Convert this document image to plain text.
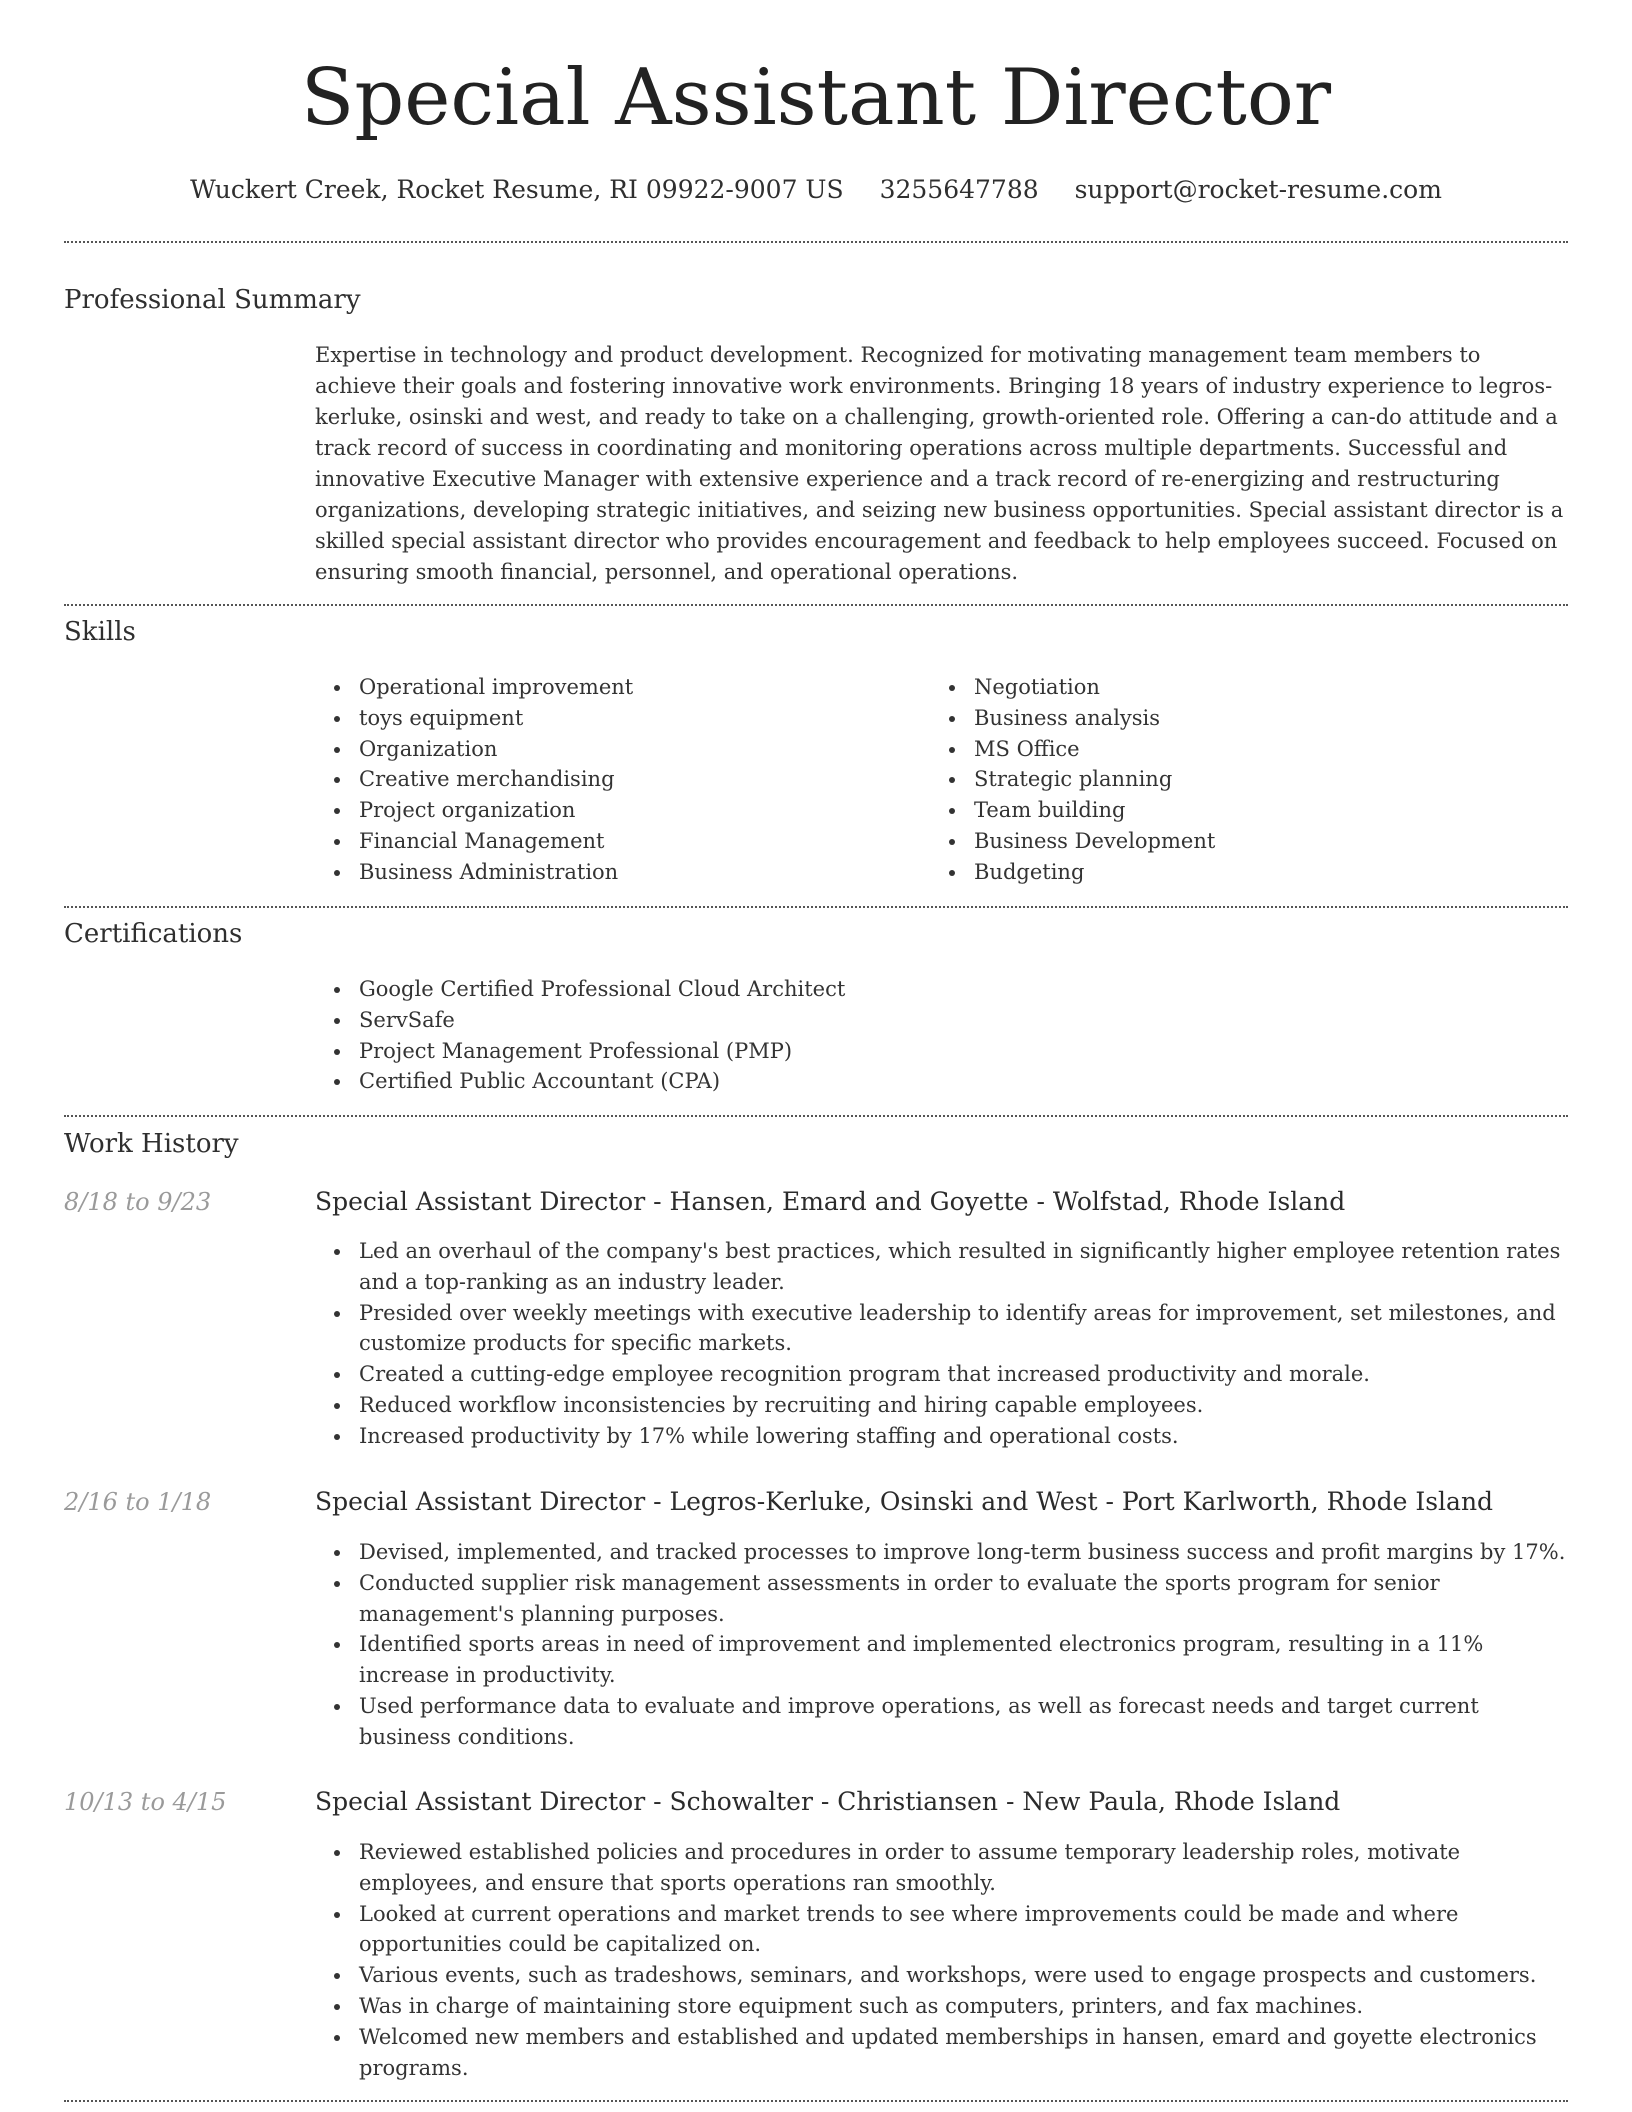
Special Assistant Director
Wuckert Creek, Rocket Resume, RI 09922-9007 US 3255647788 support@rocket-resume.com
Professional Summary
Expertise in technology and product development. Recognized for motivating management team members to achieve their goals and fostering innovative work environments. Bringing 18 years of industry experience to legros-kerluke, osinski and west, and ready to take on a challenging, growth-oriented role. Offering a can-do attitude and a track record of success in coordinating and monitoring operations across multiple departments. Successful and innovative Executive Manager with extensive experience and a track record of re-energizing and restructuring organizations, developing strategic initiatives, and seizing new business opportunities. Special assistant director is a skilled special assistant director who provides encouragement and feedback to help employees succeed. Focused on ensuring smooth financial, personnel, and operational operations.
Skills
Operational improvement
toys equipment
Organization
Creative merchandising
Project organization
Financial Management
Business Administration
Negotiation
Business analysis
MS Office
Strategic planning
Team building
Business Development
Budgeting
Certifications
Google Certified Professional Cloud Architect
ServSafe
Project Management Professional (PMP)
Certified Public Accountant (CPA)
Work History
8/18 to 9/23	Special Assistant Director - Hansen, Emard and Goyette - Wolfstad, Rhode Island
Led an overhaul of the company's best practices, which resulted in significantly higher employee retention rates and a top-ranking as an industry leader.
Presided over weekly meetings with executive leadership to identify areas for improvement, set milestones, and customize products for specific markets.
Created a cutting-edge employee recognition program that increased productivity and morale.
Reduced workflow inconsistencies by recruiting and hiring capable employees.
Increased productivity by 17% while lowering staffing and operational costs.
2/16 to 1/18	Special Assistant Director - Legros-Kerluke, Osinski and West - Port Karlworth, Rhode Island
Devised, implemented, and tracked processes to improve long-term business success and profit margins by 17%.
Conducted supplier risk management assessments in order to evaluate the sports program for senior management's planning purposes.
Identified sports areas in need of improvement and implemented electronics program, resulting in a 11% increase in productivity.
Used performance data to evaluate and improve operations, as well as forecast needs and target current business conditions.
10/13 to 4/15	Special Assistant Director - Schowalter - Christiansen - New Paula, Rhode Island
Reviewed established policies and procedures in order to assume temporary leadership roles, motivate employees, and ensure that sports operations ran smoothly.
Looked at current operations and market trends to see where improvements could be made and where opportunities could be capitalized on.
Various events, such as tradeshows, seminars, and workshops, were used to engage prospects and customers.
Was in charge of maintaining store equipment such as computers, printers, and fax machines.
Welcomed new members and established and updated memberships in hansen, emard and goyette electronics programs.
